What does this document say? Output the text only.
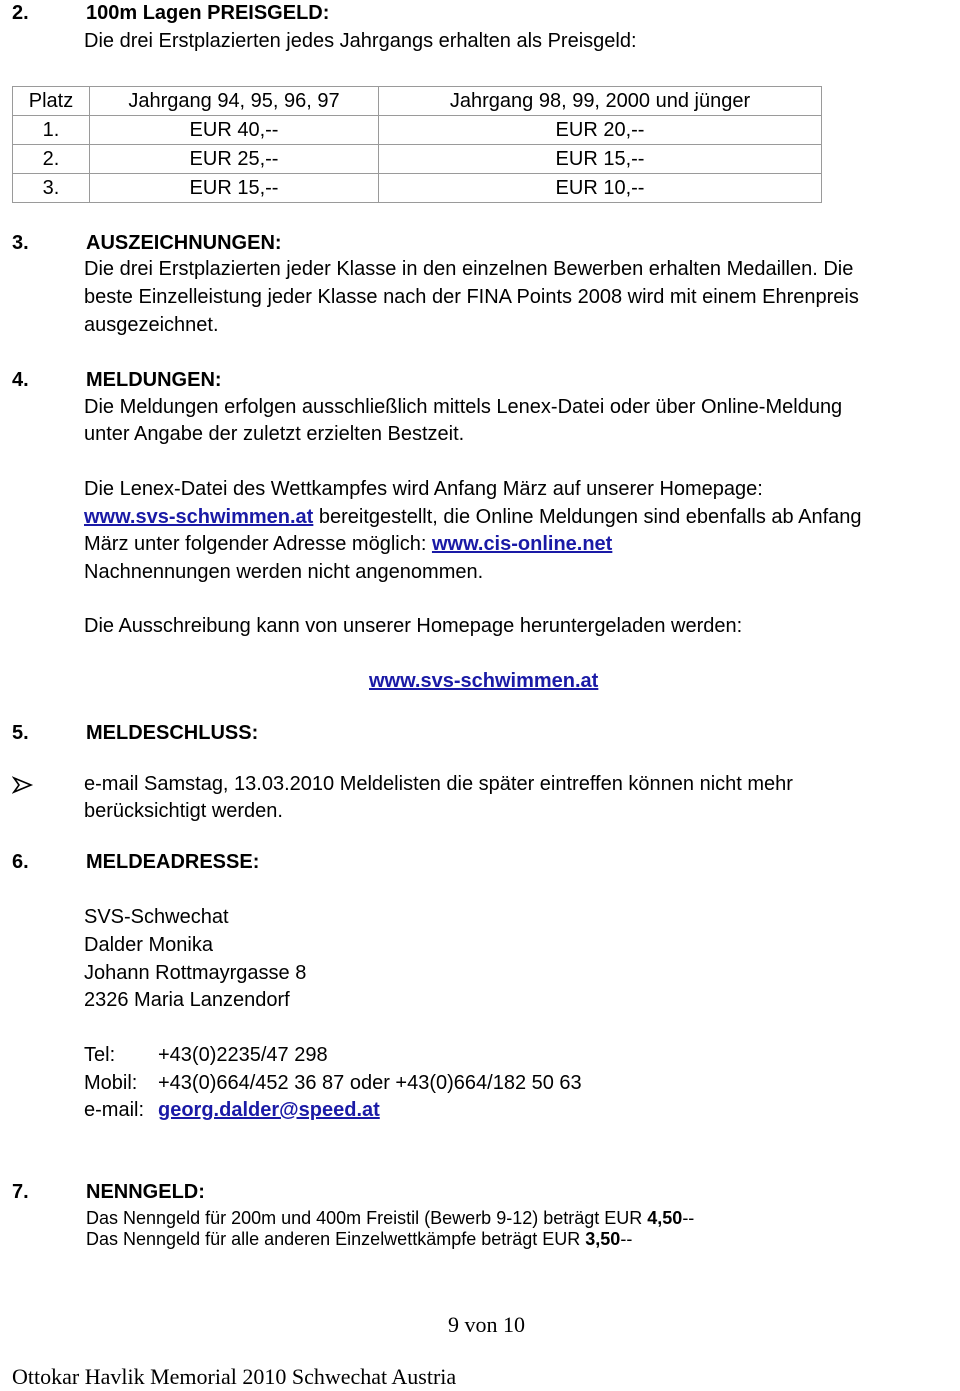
2.	100m Lagen PREISGELD:
Die drei Erstplazierten jedes Jahrgangs erhalten als Preisgeld:
Platz	Jahrgang 94, 95, 96, 97	Jahrgang 98, 99, 2000 und jünger
1.	EUR 40,--	EUR 20,--
2.	EUR 25,--	EUR 15,--
3.	EUR 15,--	EUR 10,--
3.	AUSZEICHNUNGEN:
Die drei Erstplazierten jeder Klasse in den einzelnen Bewerben erhalten Medaillen. Die
beste Einzelleistung jeder Klasse nach der FINA Points 2008 wird mit einem Ehrenpreis
ausgezeichnet.
4.	MELDUNGEN:
Die Meldungen erfolgen ausschließlich mittels Lenex-Datei oder über Online-Meldung
unter Angabe der zuletzt erzielten Bestzeit.
Die Lenex-Datei des Wettkampfes wird Anfang März auf unserer Homepage:
www.svs-schwimmen.at bereitgestellt, die Online Meldungen sind ebenfalls ab Anfang
März unter folgender Adresse möglich: www.cis-online.net
Nachnennungen werden nicht angenommen.
Die Ausschreibung kann von unserer Homepage heruntergeladen werden:
www.svs-schwimmen.at
5.	MELDESCHLUSS:
e-mail Samstag, 13.03.2010 Meldelisten die später eintreffen können nicht mehr
berücksichtigt werden.
6.	MELDEADRESSE:
SVS-Schwechat
Dalder Monika
Johann Rottmayrgasse 8
2326 Maria Lanzendorf
Tel: +43(0)2235/47 298
Mobil: +43(0)664/452 36 87 oder +43(0)664/182 50 63
e-mail: georg.dalder@speed.at
7.	NENNGELD:
Das Nenngeld für 200m und 400m Freistil (Bewerb 9-12) beträgt EUR 4,50--
Das Nenngeld für alle anderen Einzelwettkämpfe beträgt EUR 3,50--
9 von 10
Ottokar Havlik Memorial 2010 Schwechat Austria
